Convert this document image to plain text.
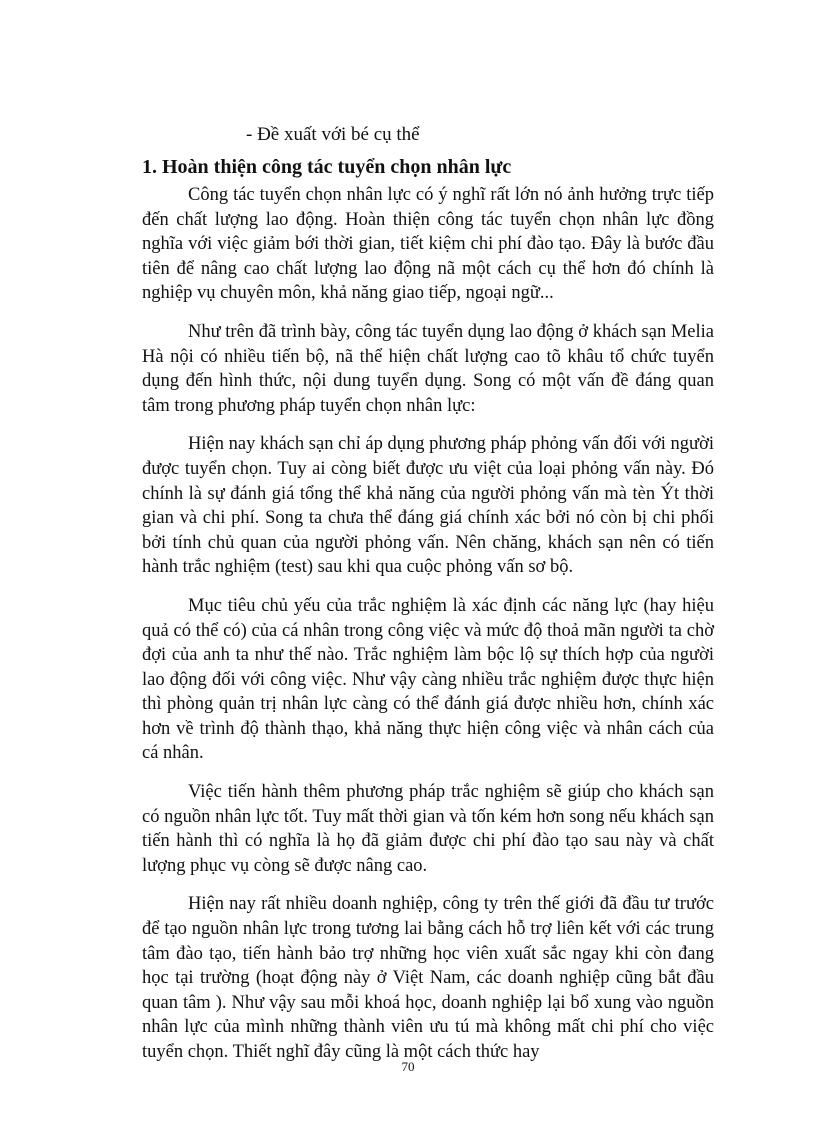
- Đề xuất với bé cụ thể
1. Hoàn thiện công tác tuyển chọn nhân lực

Công tác tuyển chọn nhân lực có ý nghĩ rất lớn nó ảnh hưởng trực tiếp đến chất lượng lao động. Hoàn thiện công tác tuyển chọn nhân lực đồng nghĩa với việc giảm bới thời gian, tiết kiệm chi phí đào tạo. Đây là bước đầu tiên để nâng cao chất lượng lao động nã một cách cụ thể hơn đó chính là nghiệp vụ chuyên môn, khả năng giao tiếp, ngoại ngữ...

Như trên đã trình bày, công tác tuyển dụng lao động ở khách sạn Melia Hà nội có nhiều tiến bộ, nã thể hiện chất lượng cao tõ khâu tổ chức tuyển dụng đến hình thức, nội dung tuyển dụng. Song có một vấn đề đáng quan tâm trong phương pháp tuyển chọn nhân lực:

Hiện nay khách sạn chỉ áp dụng phương pháp phỏng vấn đối với người được tuyển chọn. Tuy ai còng biết được ưu việt của loại phỏng vấn này. Đó chính là sự đánh giá tổng thể khả năng của người phỏng vấn mà tèn Ýt thời gian và chi phí. Song ta chưa thể đáng giá chính xác bởi nó còn bị chi phối bởi tính chủ quan của người phỏng vấn. Nên chăng, khách sạn nên có tiến hành trắc nghiệm (test) sau khi qua cuộc phỏng vấn sơ bộ.

Mục tiêu chủ yếu của trắc nghiệm là xác định các năng lực (hay hiệu quả có thể có) của cá nhân trong công việc và mức độ thoả mãn người ta chờ đợi của anh ta như thế nào. Trắc nghiệm làm bộc lộ sự thích hợp của người lao động đối với công việc. Như vậy càng nhiều trắc nghiệm được thực hiện thì phòng quản trị nhân lực càng có thể đánh giá được nhiều hơn, chính xác hơn về trình độ thành thạo, khả năng thực hiện công việc và nhân cách của cá nhân.

Việc tiến hành thêm phương pháp trắc nghiệm sẽ giúp cho khách sạn có nguồn nhân lực tốt. Tuy mất thời gian và tốn kém hơn song nếu khách sạn tiến hành thì có nghĩa là họ đã giảm được chi phí đào tạo sau này và chất lượng phục vụ còng sẽ được nâng cao.

Hiện nay rất nhiều doanh nghiệp, công ty trên thế giới đã đầu tư trước để tạo nguồn nhân lực trong tương lai bằng cách hỗ trợ liên kết với các trung tâm đào tạo, tiến hành bảo trợ những học viên xuất sắc ngay khi còn đang học tại trường (hoạt động này ở Việt Nam, các doanh nghiệp cũng bắt đầu quan tâm ). Như vậy sau mỗi khoá học, doanh nghiệp lại bổ xung vào nguồn nhân lực của mình những thành viên ưu tú mà không mất chi phí cho việc tuyển chọn. Thiết nghĩ đây cũng là một cách thức hay

70
